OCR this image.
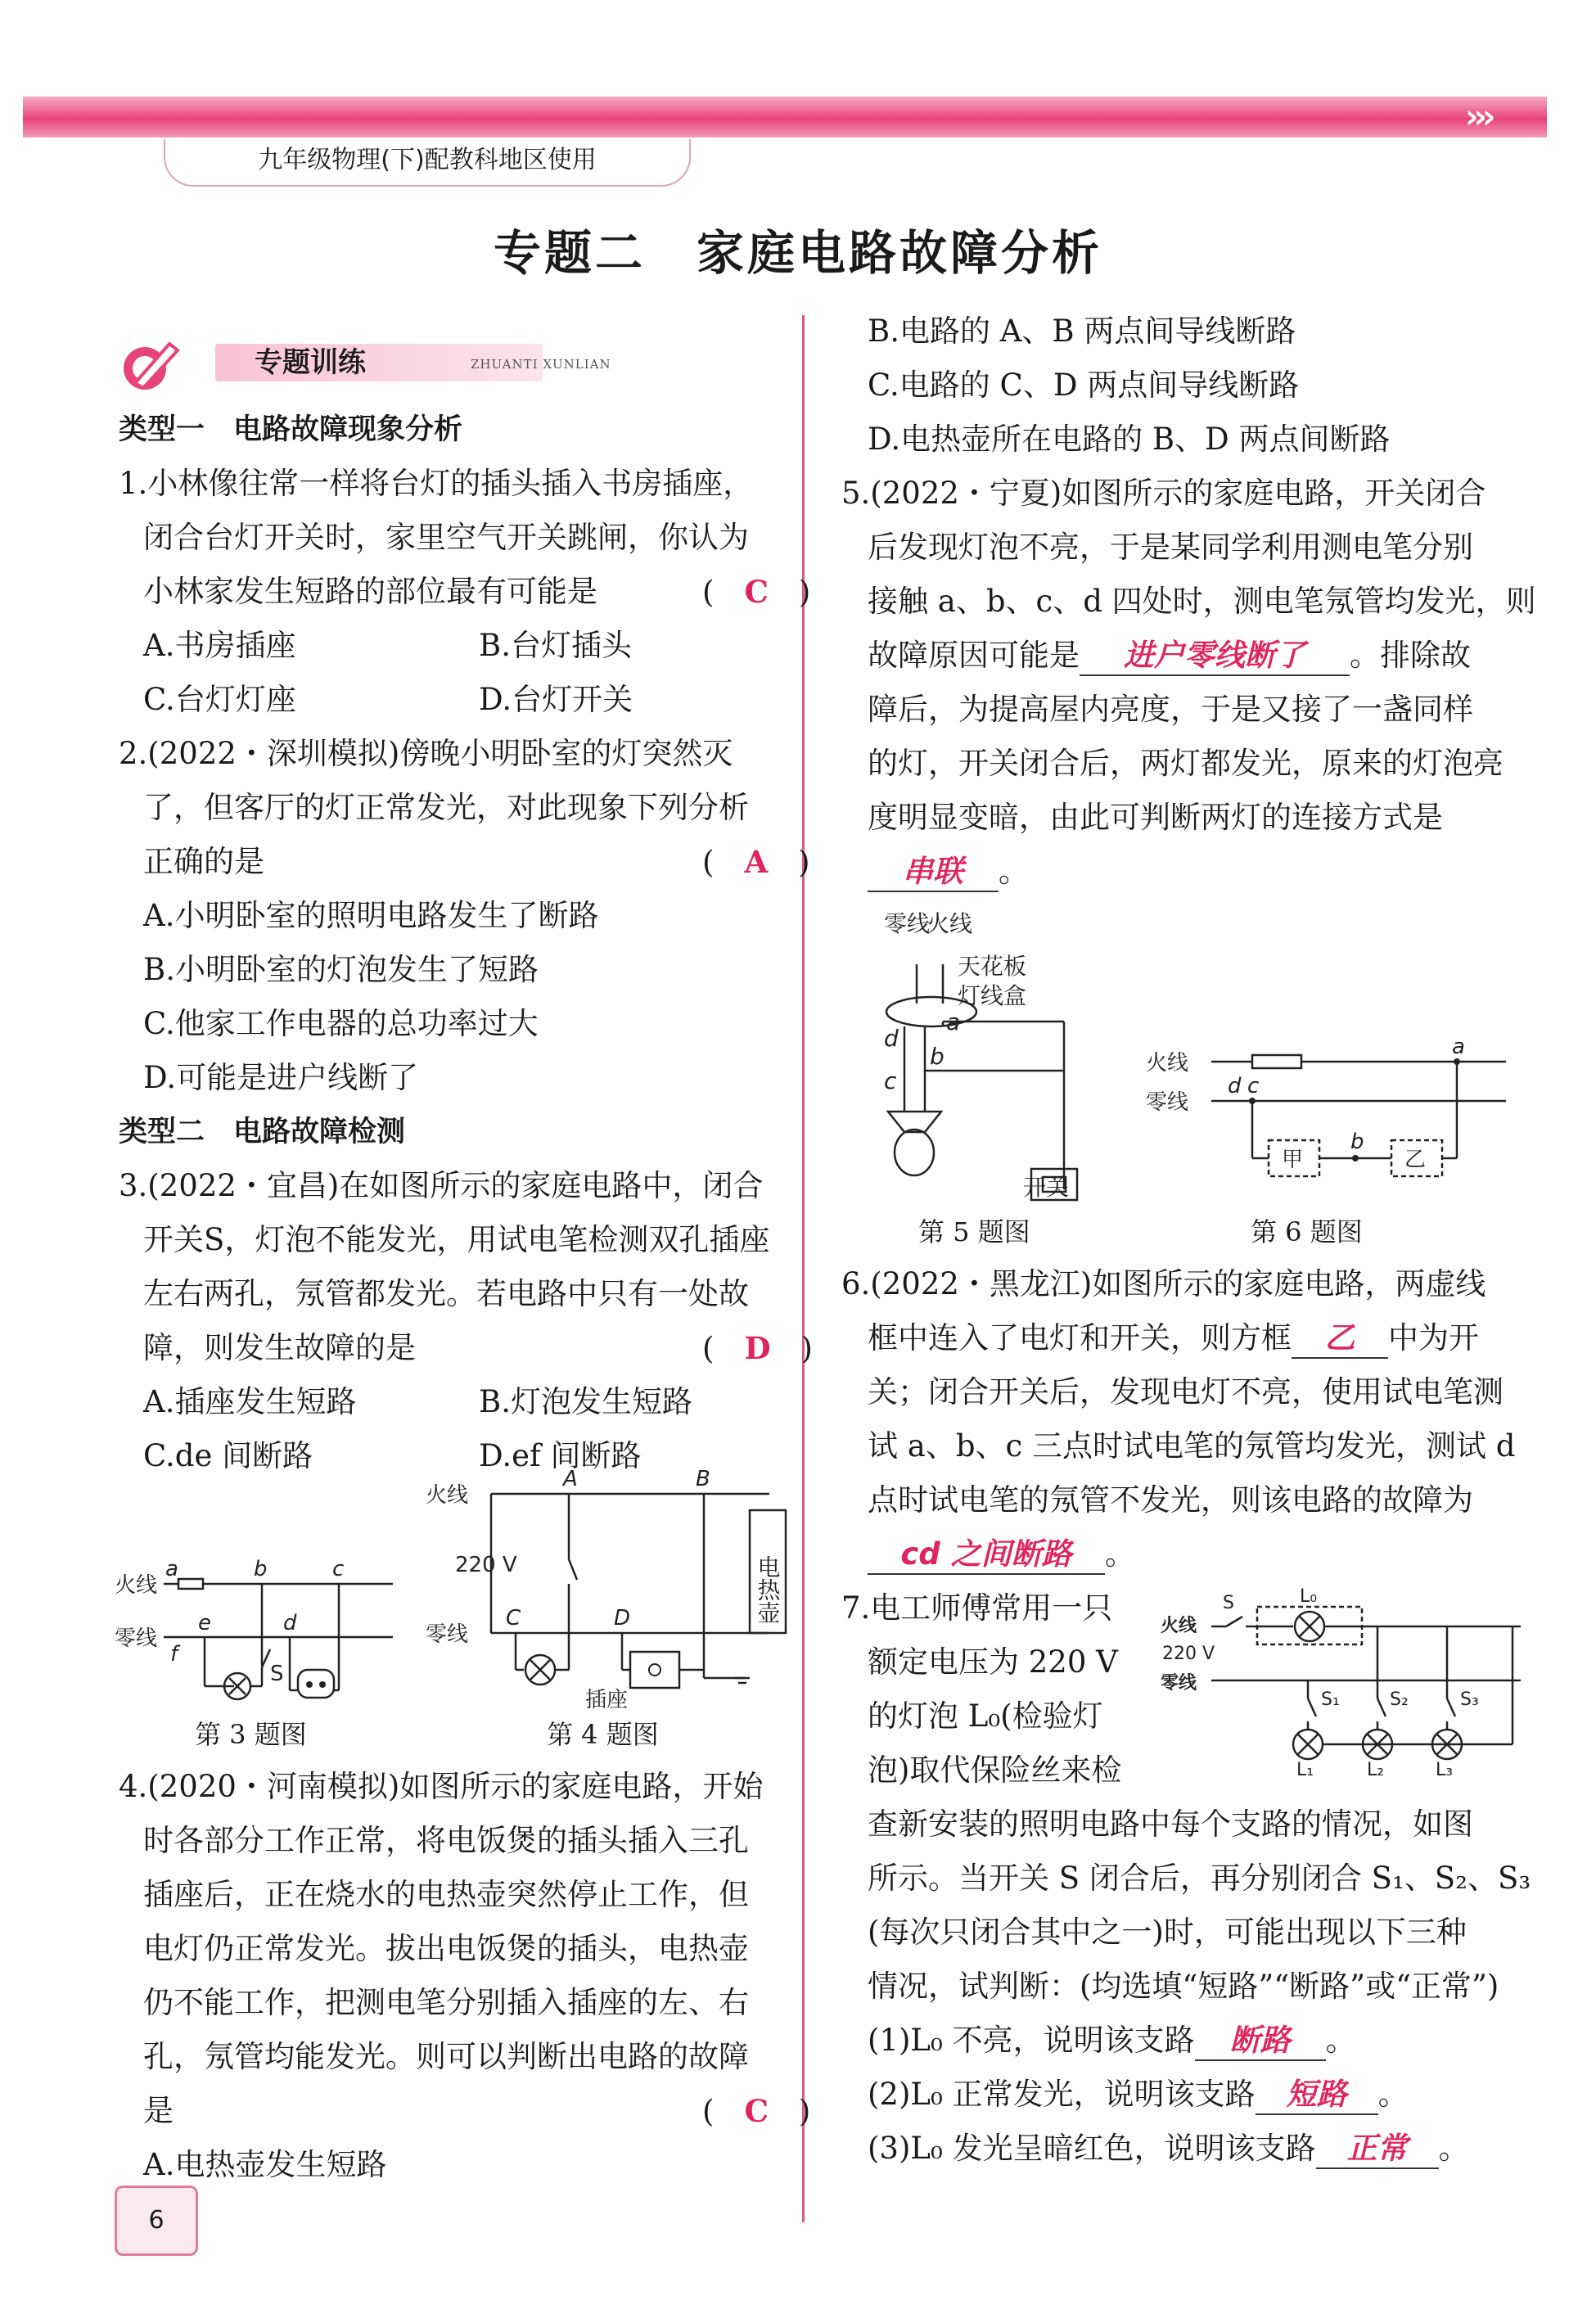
›››
九年级物理(下)配教科地区使用
专题二　家庭电路故障分析
专题训练	ZHUANTI XUNLIAN
类型一　电路故障现象分析
1.小林像往常一样将台灯的插头插入书房插座，
闭合台灯开关时，家里空气开关跳闸，你认为
小林家发生短路的部位最有可能是	( C )
A.书房插座	B.台灯插头
C.台灯灯座	D.台灯开关
2.(2022・深圳模拟)傍晚小明卧室的灯突然灭
了，但客厅的灯正常发光，对此现象下列分析
正确的是	( A )
A.小明卧室的照明电路发生了断路
B.小明卧室的灯泡发生了短路
C.他家工作电器的总功率过大
D.可能是进户线断了
类型二　电路故障检测
3.(2022・宜昌)在如图所示的家庭电路中，闭合
开关S，灯泡不能发光，用试电笔检测双孔插座
左右两孔，氖管都发光。若电路中只有一处故
障，则发生故障的是	( D )
A.插座发生短路	B.灯泡发生短路
C.de 间断路	D.ef 间断路
火线
零线
a	b	c
e	d
f
S
第 3 题图
火线
零线
220 V
A	B
C	D
插座
电热壶
第 4 题图
4.(2020・河南模拟)如图所示的家庭电路，开始
时各部分工作正常，将电饭煲的插头插入三孔
插座后，正在烧水的电热壶突然停止工作，但
电灯仍正常发光。拔出电饭煲的插头，电热壶
仍不能工作，把测电笔分别插入插座的左、右
孔，氖管均能发光。则可以判断出电路的故障
是	( C )
A.电热壶发生短路
B.电路的 A、B 两点间导线断路
C.电路的 C、D 两点间导线断路
D.电热壶所在电路的 B、D 两点间断路
5.(2022・宁夏)如图所示的家庭电路，开关闭合
后发现灯泡不亮，于是某同学利用测电笔分别
接触 a、b、c、d 四处时，测电笔氖管均发光，则
故障原因可能是 进户零线断了 。排除故
障后，为提高屋内亮度，于是又接了一盏同样
的灯，开关闭合后，两灯都发光，原来的灯泡亮
度明显变暗，由此可判断两灯的连接方式是
串联 。
零线
火线
天花板
灯线盒
a
d
c
b
开关
第 5 题图
火线
零线
a
d c
b
甲	乙
第 6 题图
6.(2022・黑龙江)如图所示的家庭电路，两虚线
框中连入了电灯和开关，则方框 乙 中为开
关；闭合开关后，发现电灯不亮，使用试电笔测
试 a、b、c 三点时试电笔的氖管均发光，测试 d
点时试电笔的氖管不发光，则该电路的故障为
cd 之间断路 。
7.电工师傅常用一只
额定电压为 220 V
的灯泡 L₀(检验灯
泡)取代保险丝来检
火线
220 V
零线
S	L₀
S₁	S₂	S₃
L₁	L₂	L₃
查新安装的照明电路中每个支路的情况，如图
所示。当开关 S 闭合后，再分别闭合 S₁、S₂、S₃
(每次只闭合其中之一)时，可能出现以下三种
情况，试判断：(均选填“短路”“断路”或“正常”)
(1)L₀ 不亮，说明该支路 断路 。
(2)L₀ 正常发光，说明该支路 短路 。
(3)L₀ 发光呈暗红色，说明该支路 正常 。
6
